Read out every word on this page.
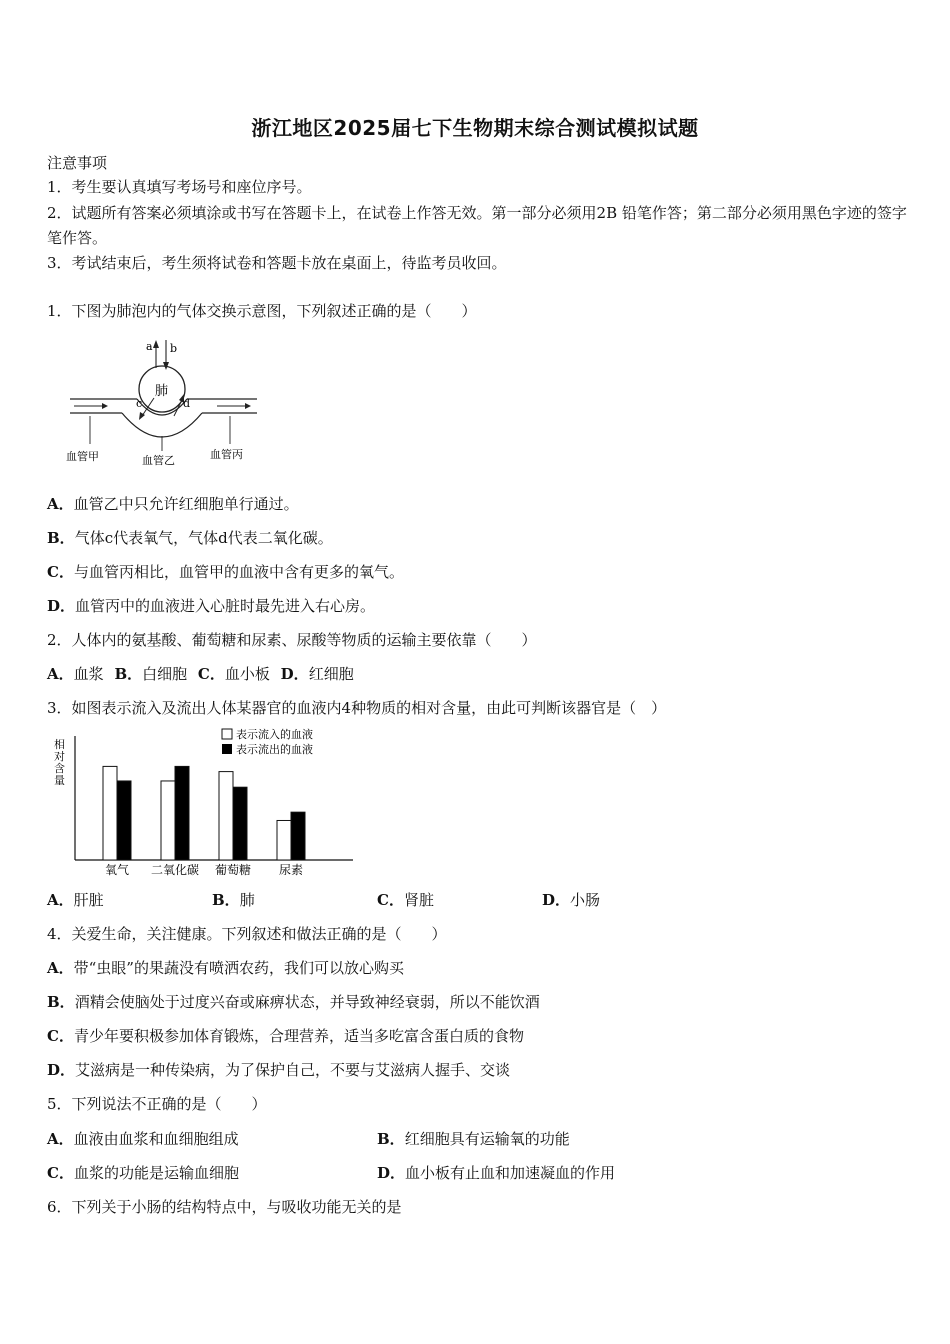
浙江地区2025届七下生物期末综合测试模拟试题
注意事项
1．考生要认真填写考场号和座位序号。
2．试题所有答案必须填涂或书写在答题卡上，在试卷上作答无效。第一部分必须用2B 铅笔作答；第二部分必须用黑色字迹的签字笔作答。
3．考试结束后，考生须将试卷和答题卡放在桌面上，待监考员收回。
1．下图为肺泡内的气体交换示意图，下列叙述正确的是（　　）
a b
c	d
肺
血管甲	血管乙	血管丙
A．血管乙中只允许红细胞单行通过。
B．气体c代表氧气，气体d代表二氧化碳。
C．与血管丙相比，血管甲的血液中含有更多的氧气。
D．血管丙中的血液进入心脏时最先进入右心房。
2．人体内的氨基酸、葡萄糖和尿素、尿酸等物质的运输主要依靠（　　）
A．血浆 B．白细胞 C．血小板 D．红细胞
3．如图表示流入及流出人体某器官的血液内4种物质的相对含量，由此可判断该器官是（　）
相对含量
表示流入的血液
表示流出的血液
氧气 二氧化碳 葡萄糖 尿素
A．肝脏	B．肺	C．肾脏	D．小肠
4．关爱生命，关注健康。下列叙述和做法正确的是（　　）
A．带“虫眼”的果蔬没有喷洒农药，我们可以放心购买
B．酒精会使脑处于过度兴奋或麻痹状态，并导致神经衰弱，所以不能饮酒
C．青少年要积极参加体育锻炼，合理营养，适当多吃富含蛋白质的食物
D．艾滋病是一种传染病，为了保护自己，不要与艾滋病人握手、交谈
5．下列说法不正确的是（　　）
A．血液由血浆和血细胞组成	B．红细胞具有运输氧的功能
C．血浆的功能是运输血细胞	D．血小板有止血和加速凝血的作用
6．下列关于小肠的结构特点中，与吸收功能无关的是
